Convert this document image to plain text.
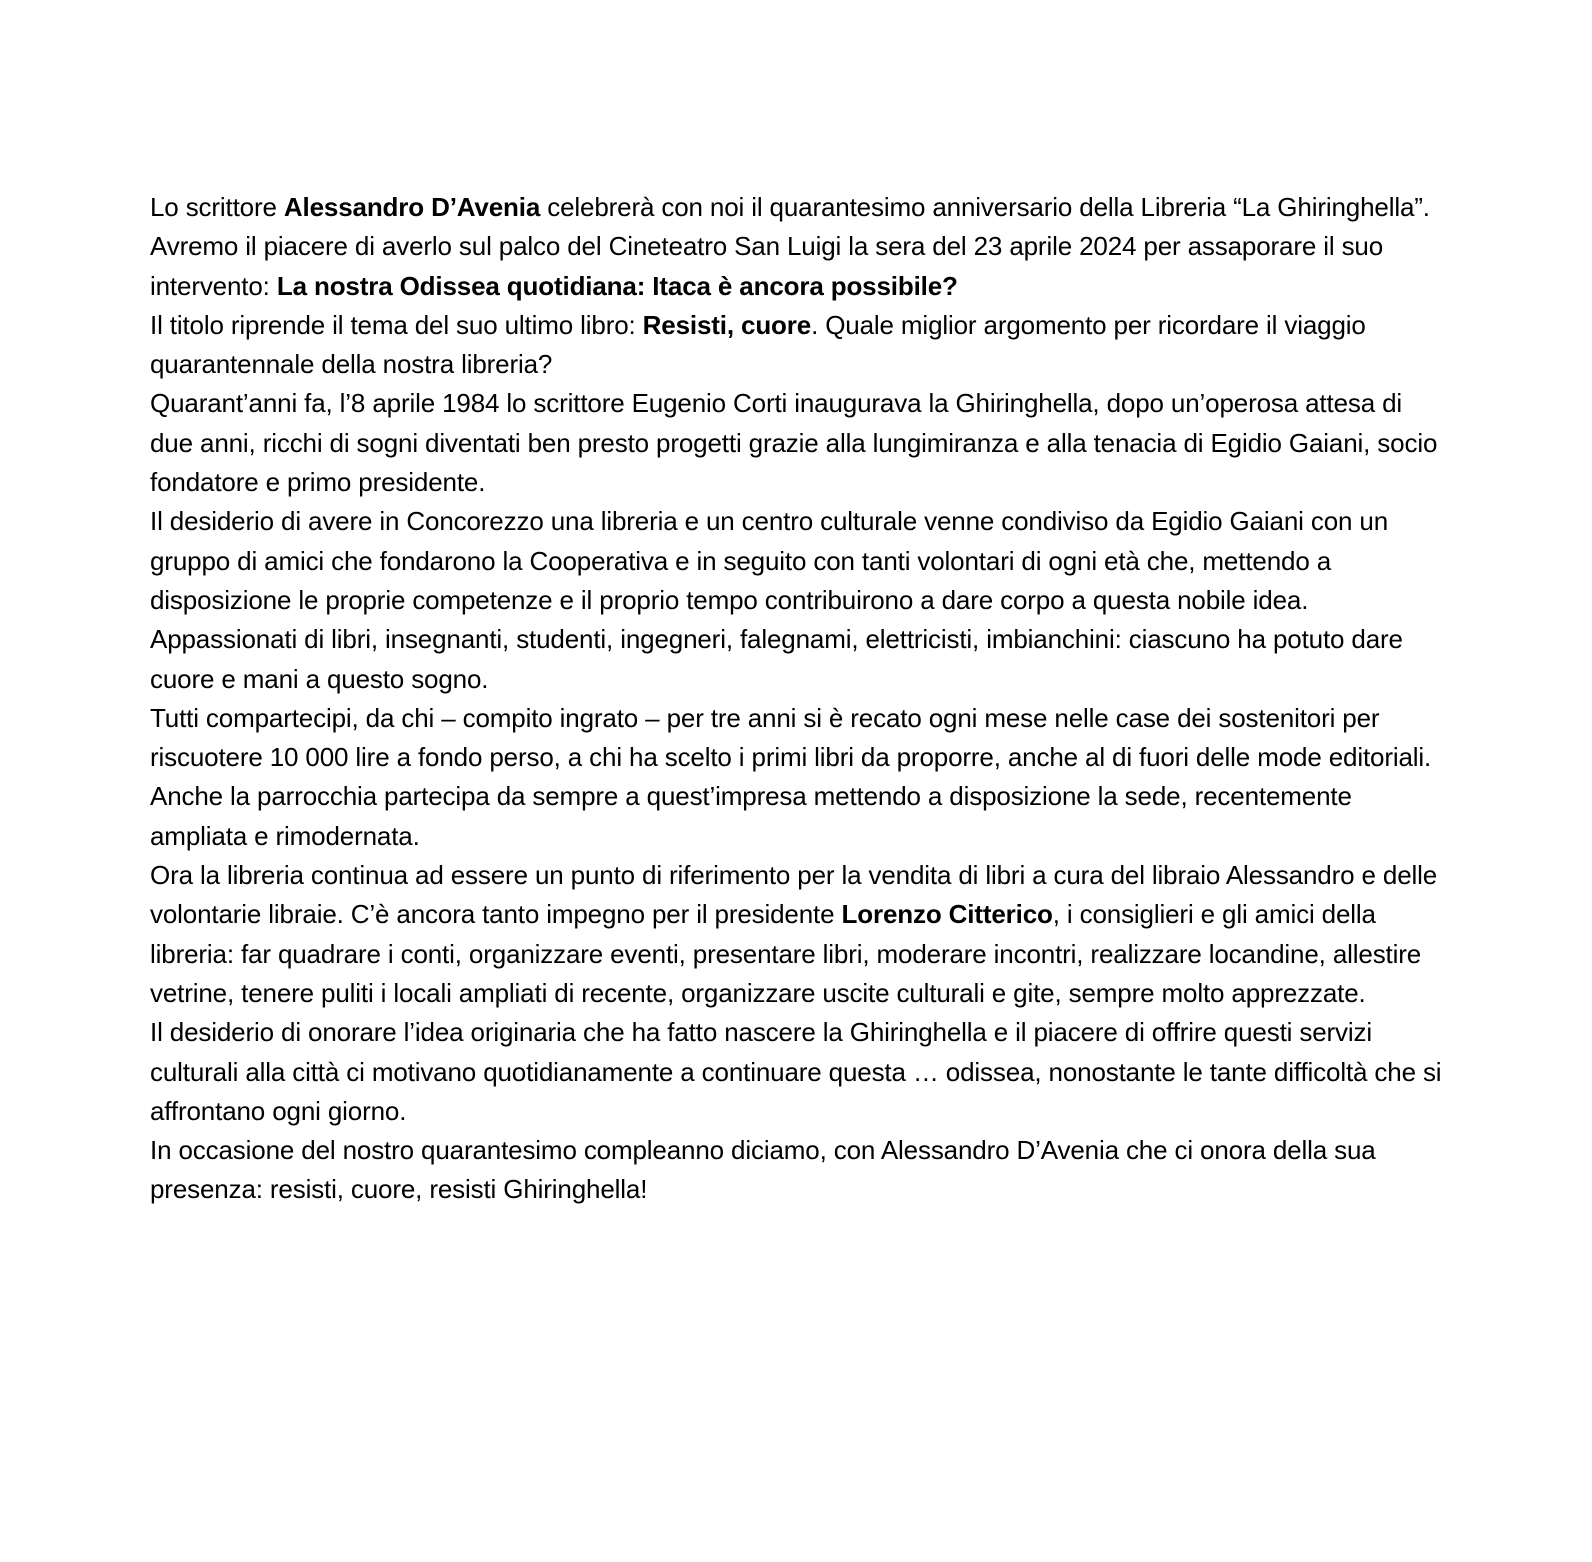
Lo scrittore Alessandro D’Avenia celebrerà con noi il quarantesimo anniversario della Libreria “La Ghiringhella”.

Avremo il piacere di averlo sul palco del Cineteatro San Luigi la sera del 23 aprile 2024 per assaporare il suo intervento: La nostra Odissea quotidiana: Itaca è ancora possibile?

Il titolo riprende il tema del suo ultimo libro: Resisti, cuore. Quale miglior argomento per ricordare il viaggio quarantennale della nostra libreria?

Quarant’anni fa, l’8 aprile 1984 lo scrittore Eugenio Corti inaugurava la Ghiringhella, dopo un’operosa attesa di due anni, ricchi di sogni diventati ben presto progetti grazie alla lungimiranza e alla tenacia di Egidio Gaiani, socio fondatore e primo presidente.

Il desiderio di avere in Concorezzo una libreria e un centro culturale venne condiviso da Egidio Gaiani con un gruppo di amici che fondarono la Cooperativa e in seguito con tanti volontari di ogni età che, mettendo a disposizione le proprie competenze e il proprio tempo contribuirono a dare corpo a questa nobile idea. Appassionati di libri, insegnanti, studenti, ingegneri, falegnami, elettricisti, imbianchini: ciascuno ha potuto dare cuore e mani a questo sogno.

Tutti compartecipi, da chi – compito ingrato – per tre anni si è recato ogni mese nelle case dei sostenitori per riscuotere 10 000 lire a fondo perso, a chi ha scelto i primi libri da proporre, anche al di fuori delle mode editoriali.

Anche la parrocchia partecipa da sempre a quest’impresa mettendo a disposizione la sede, recentemente ampliata e rimodernata.

Ora la libreria continua ad essere un punto di riferimento per la vendita di libri a cura del libraio Alessandro e delle volontarie libraie. C’è ancora tanto impegno per il presidente Lorenzo Citterico, i consiglieri e gli amici della libreria: far quadrare i conti, organizzare eventi, presentare libri, moderare incontri, realizzare locandine, allestire vetrine, tenere puliti i locali ampliati di recente, organizzare uscite culturali e gite, sempre molto apprezzate.

Il desiderio di onorare l’idea originaria che ha fatto nascere la Ghiringhella e il piacere di offrire questi servizi culturali alla città ci motivano quotidianamente a continuare questa … odissea, nonostante le tante difficoltà che si affrontano ogni giorno.

In occasione del nostro quarantesimo compleanno diciamo, con Alessandro D’Avenia che ci onora della sua presenza: resisti, cuore, resisti Ghiringhella!
